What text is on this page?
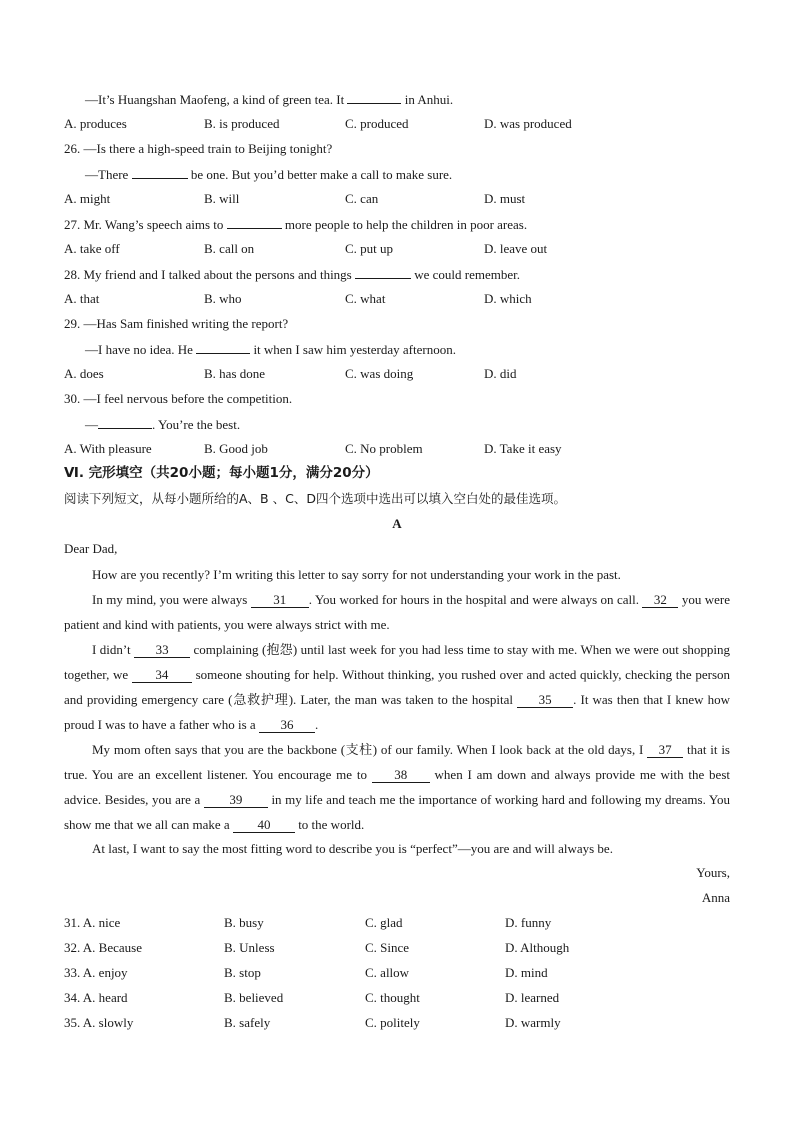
—It’s Huangshan Maofeng, a kind of green tea. It	in Anhui.
A. produces	B. is produced	C. produced	D. was produced
26. —Is there a high-speed train to Beijing tonight?
—There	be one. But you’d better make a call to make sure.
A. might	B. will	C. can	D. must
27. Mr. Wang’s speech aims to	more people to help the children in poor areas.
A. take off	B. call on	C. put up	D. leave out
28. My friend and I talked about the persons and things	we could remember.
A. that	B. who	C. what	D. which
29. —Has Sam finished writing the report?
—I have no idea. He	it when I saw him yesterday afternoon.
A. does	B. has done	C. was doing	D. did
30. —I feel nervous before the competition.
—	. You’re the best.
A. With pleasure	B. Good job	C. No problem	D. Take it easy
Ⅵ. 完形填空（共20小题；每小题1分，满分20分）
阅读下列短文，从每小题所给的A、B 、C、D四个选项中选出可以填入空白处的最佳选项。
A
Dear Dad,
How are you recently? I’m writing this letter to say sorry for not understanding your work in the past.
In my mind, you were always 31 . You worked for hours in the hospital and were always on call. 32 you were patient and kind with patients, you were always strict with me.
I didn’t 33 complaining (抱怨) until last week for you had less time to stay with me. When we were out shopping together, we 34 someone shouting for help. Without thinking, you rushed over and acted quickly, checking the person and providing emergency care (急救护理). Later, the man was taken to the hospital 35 . It was then that I knew how proud I was to have a father who is a 36 .
My mom often says that you are the backbone (支柱) of our family. When I look back at the old days, I 37 that it is true. You are an excellent listener. You encourage me to 38 when I am down and always provide me with the best advice. Besides, you are a 39 in my life and teach me the importance of working hard and following my dreams. You show me that we all can make a 40 to the world.
At last, I want to say the most fitting word to describe you is “perfect”—you are and will always be.
Yours,
Anna
31. A. nice	B. busy	C. glad	D. funny
32. A. Because	B. Unless	C. Since	D. Although
33. A. enjoy	B. stop	C. allow	D. mind
34. A. heard	B. believed	C. thought	D. learned
35. A. slowly	B. safely	C. politely	D. warmly
